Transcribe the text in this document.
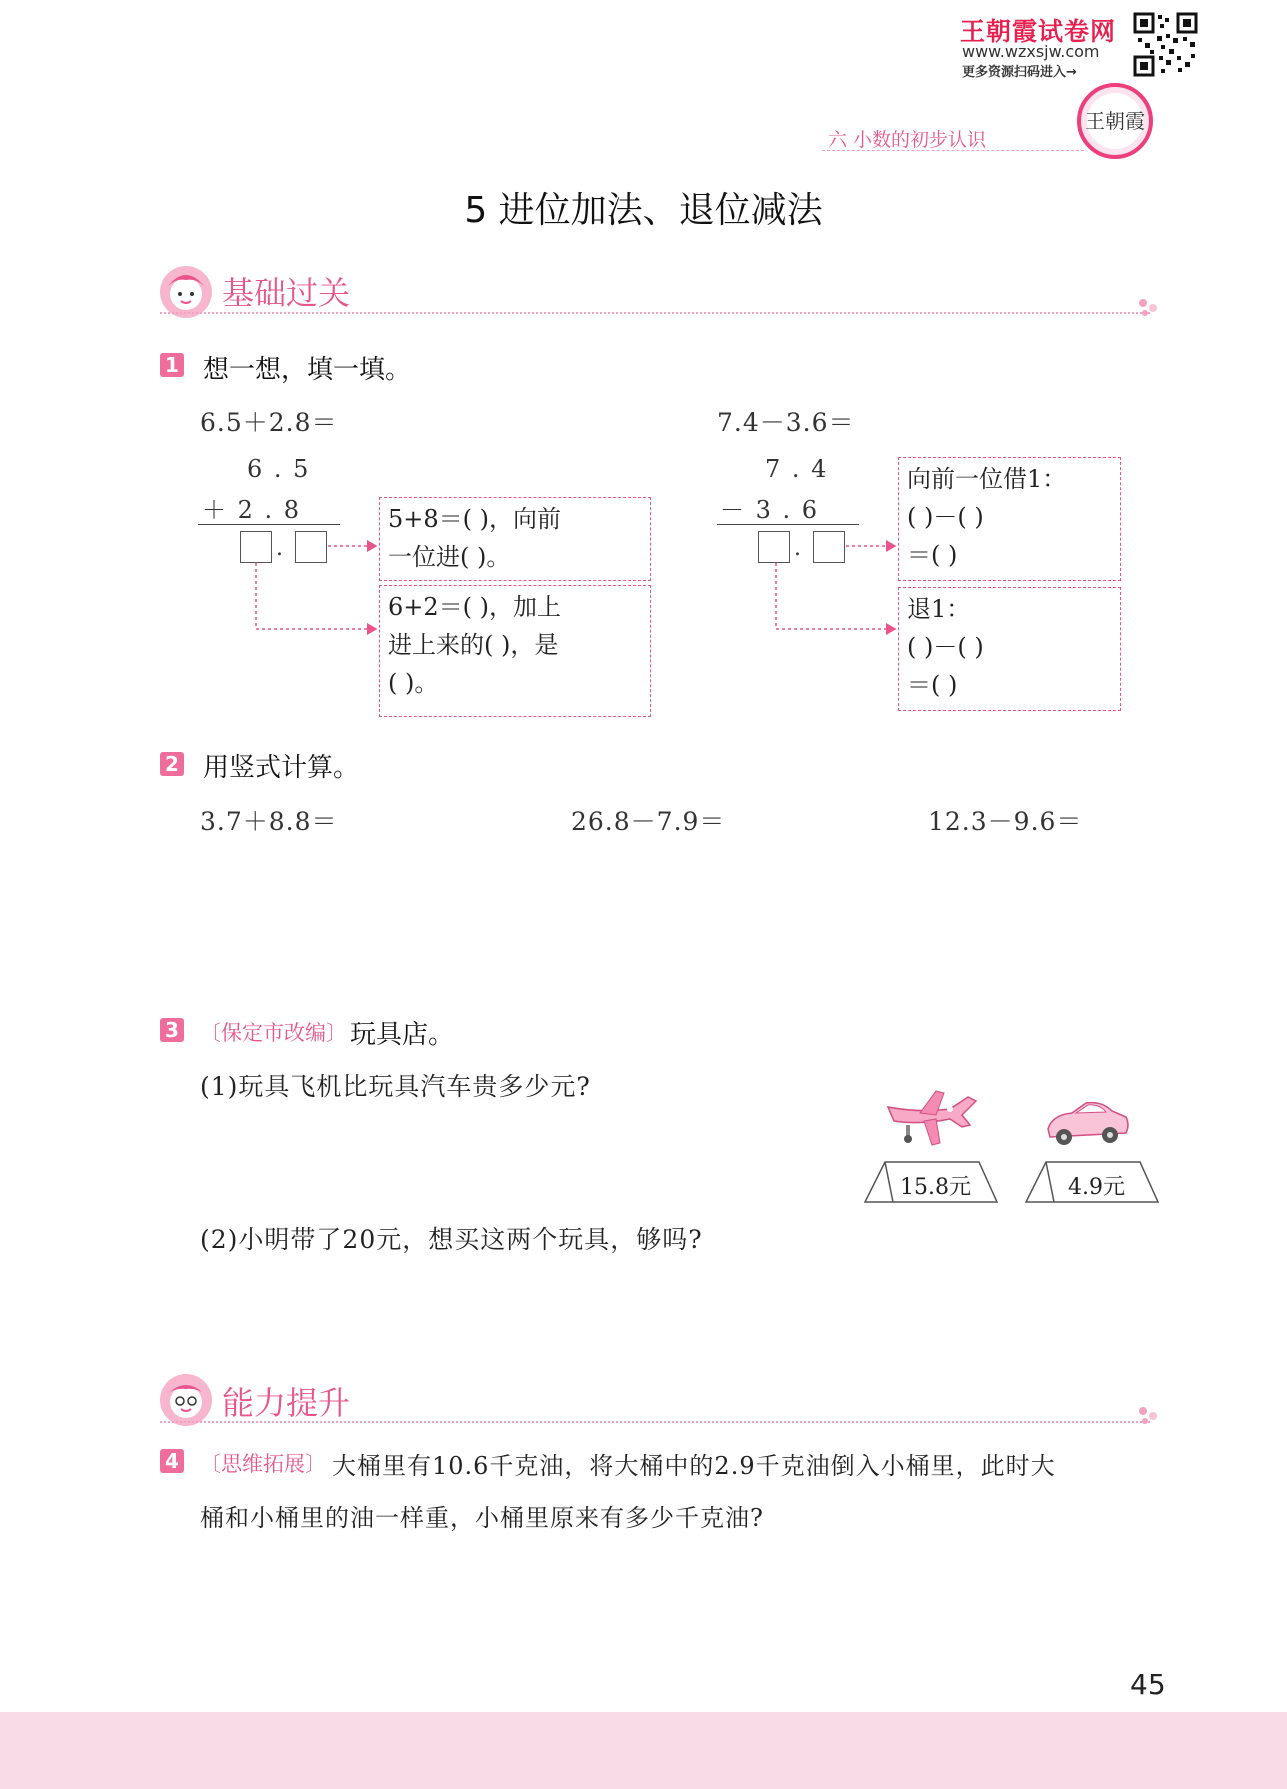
王朝霞试卷网
www.wzxsjw.com
更多资源扫码进入→
王朝霞
六 小数的初步认识
5 进位加法、退位减法
基础过关
1 想一想，填一填。
6.5＋2.8＝
6 . 5
＋ 2 . 8
.
5+8＝( )，向前
一位进( )。
6+2＝( )，加上
进上来的( )，是
( )。
7.4－3.6＝
7 . 4
－ 3 . 6
.
向前一位借1：
( )－( )
＝( )
退1：
( )－( )
＝( )
2 用竖式计算。
3.7＋8.8＝	26.8－7.9＝	12.3－9.6＝
3 〔保定市改编〕 玩具店。
(1)玩具飞机比玩具汽车贵多少元?
(2)小明带了20元，想买这两个玩具，够吗?
15.8元	4.9元
能力提升
4 〔思维拓展〕 大桶里有10.6千克油，将大桶中的2.9千克油倒入小桶里，此时大
桶和小桶里的油一样重，小桶里原来有多少千克油?
45
